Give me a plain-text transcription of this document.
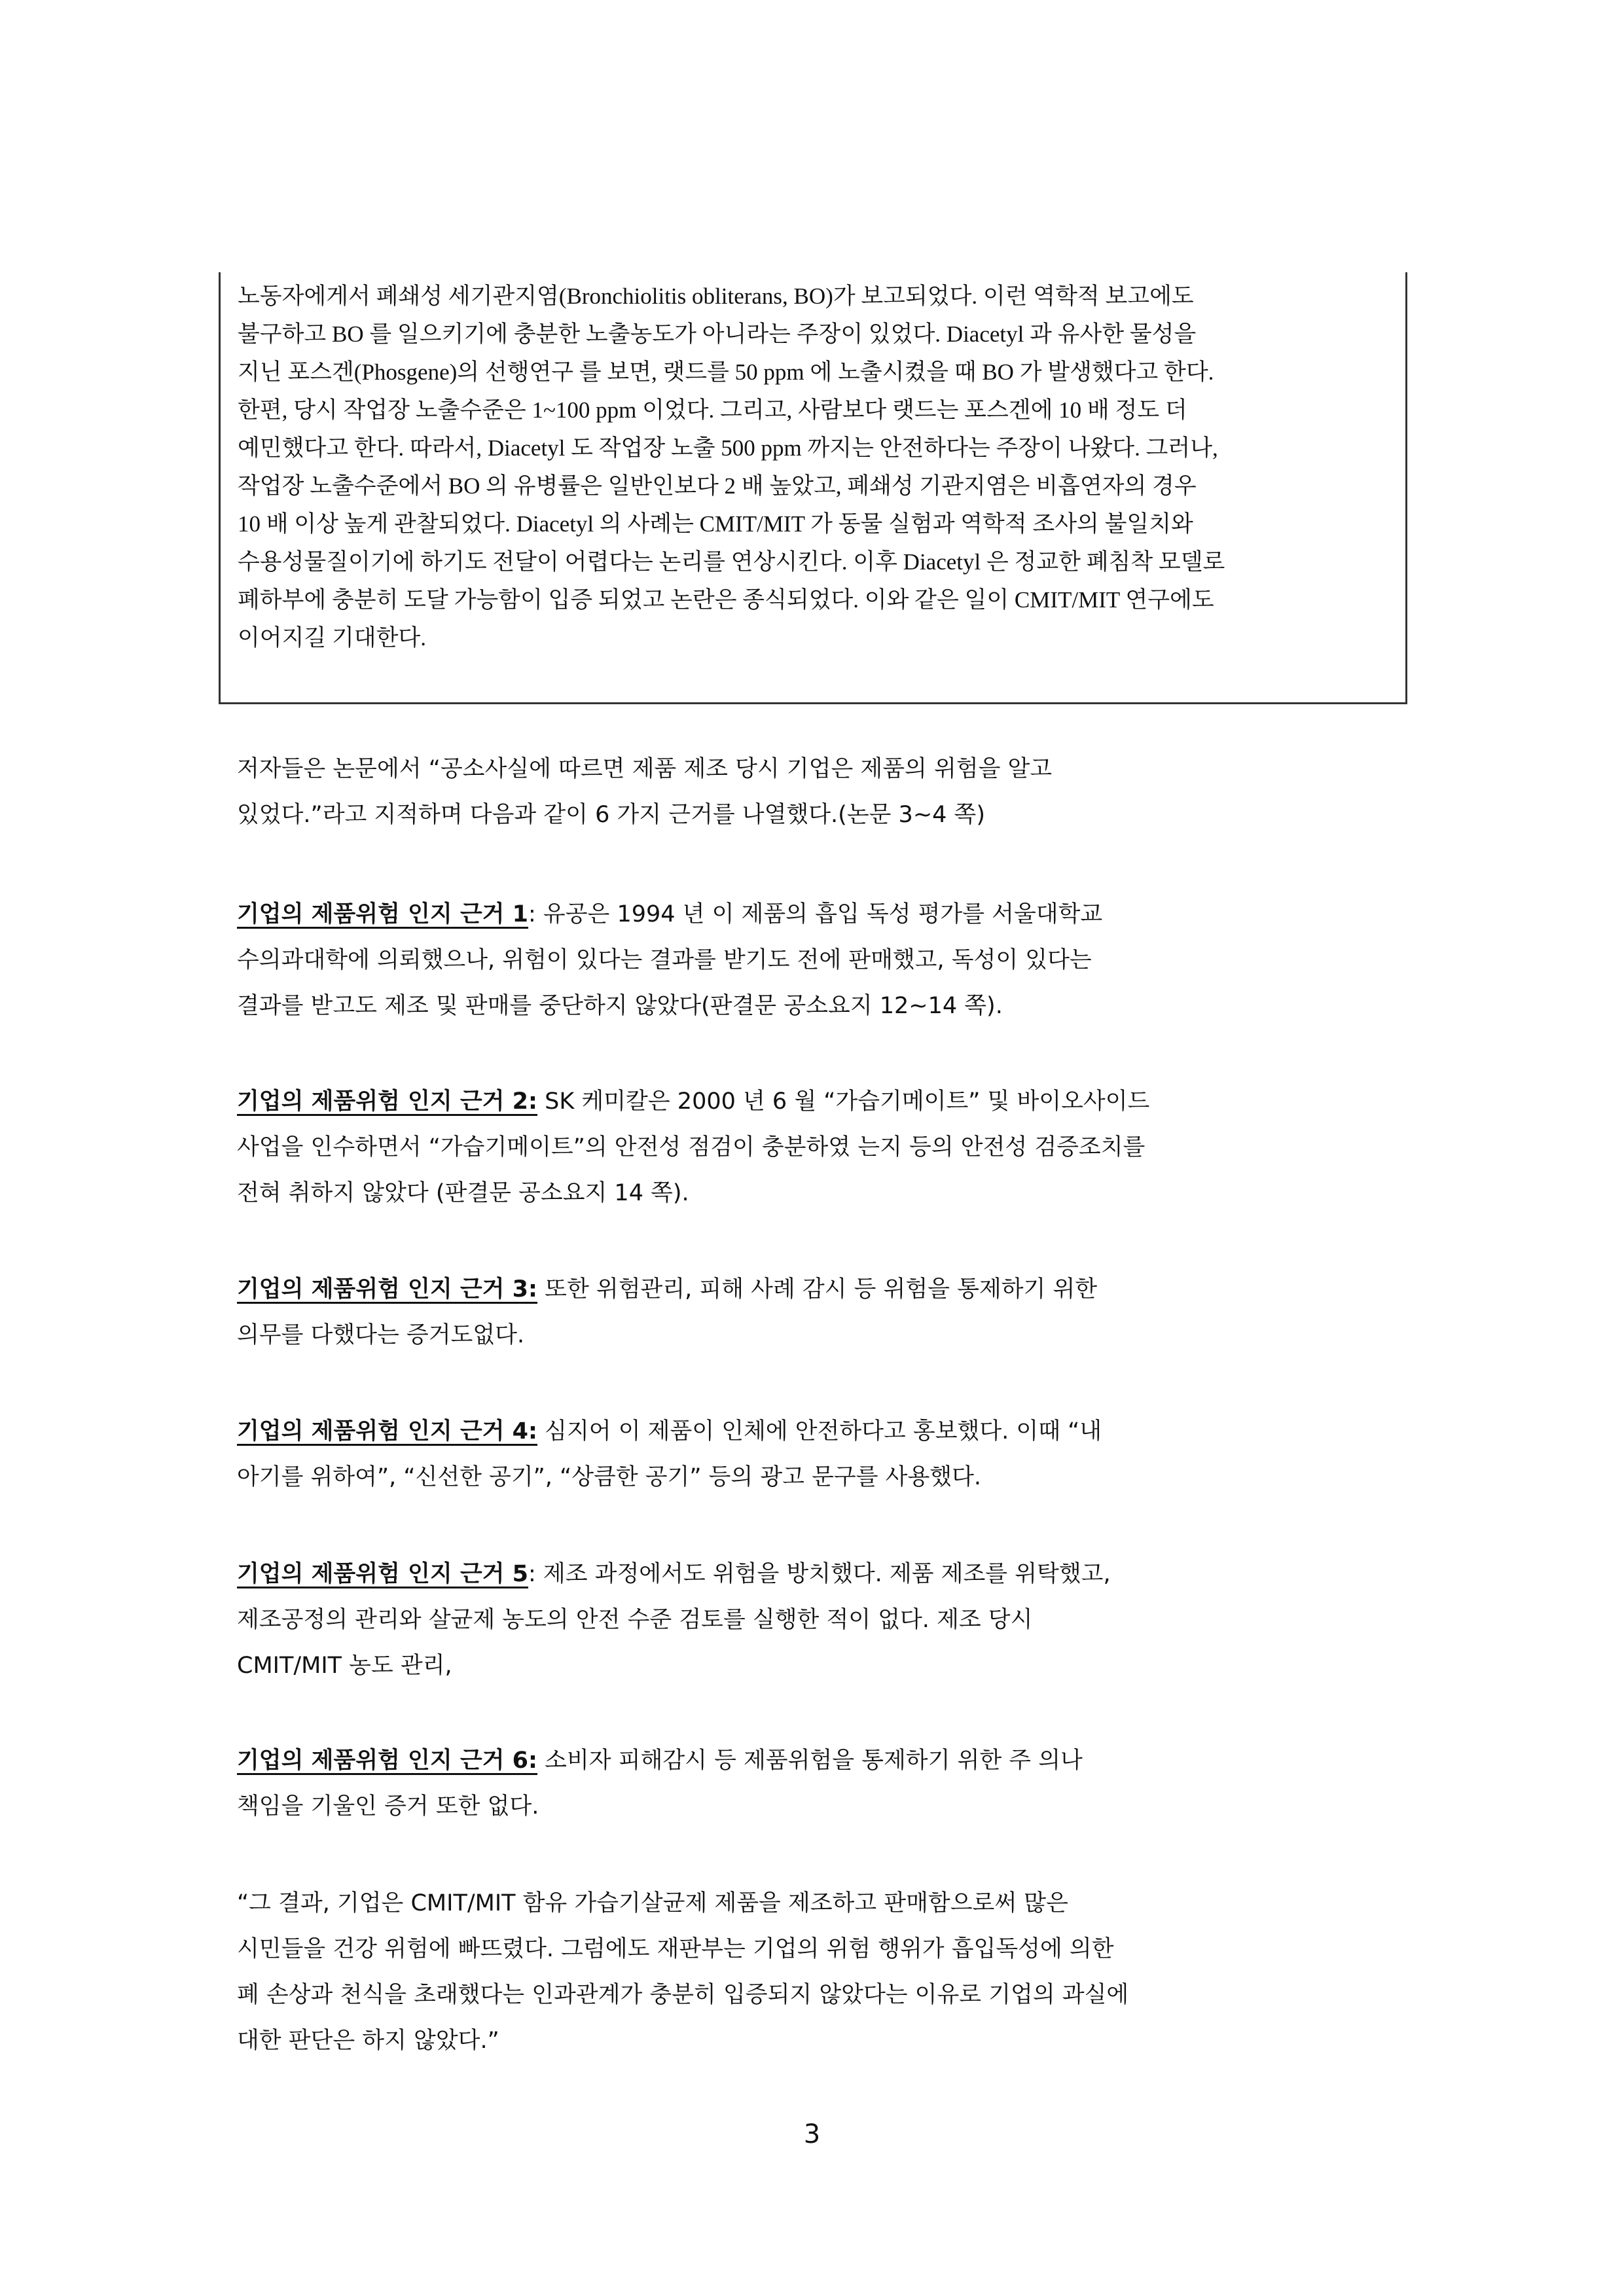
노동자에게서 폐쇄성 세기관지염(Bronchiolitis obliterans, BO)가 보고되었다. 이런 역학적 보고에도
불구하고 BO 를 일으키기에 충분한 노출농도가 아니라는 주장이 있었다. Diacetyl 과 유사한 물성을
지닌 포스겐(Phosgene)의 선행연구 를 보면, 랫드를 50 ppm 에 노출시켰을 때 BO 가 발생했다고 한다.
한편, 당시 작업장 노출수준은 1~100 ppm 이었다. 그리고, 사람보다 랫드는 포스겐에 10 배 정도 더
예민했다고 한다. 따라서, Diacetyl 도 작업장 노출 500 ppm 까지는 안전하다는 주장이 나왔다. 그러나,
작업장 노출수준에서 BO 의 유병률은 일반인보다 2 배 높았고, 폐쇄성 기관지염은 비흡연자의 경우
10 배 이상 높게 관찰되었다. Diacetyl 의 사례는 CMIT/MIT 가 동물 실험과 역학적 조사의 불일치와
수용성물질이기에 하기도 전달이 어렵다는 논리를 연상시킨다. 이후 Diacetyl 은 정교한 폐침착 모델로
폐하부에 충분히 도달 가능함이 입증 되었고 논란은 종식되었다. 이와 같은 일이 CMIT/MIT 연구에도
이어지길 기대한다.
저자들은 논문에서 “공소사실에 따르면 제품 제조 당시 기업은 제품의 위험을 알고
있었다.”라고 지적하며 다음과 같이 6 가지 근거를 나열했다.(논문 3~4 쪽)
기업의 제품위험 인지 근거 1: 유공은 1994 년 이 제품의 흡입 독성 평가를 서울대학교
수의과대학에 의뢰했으나, 위험이 있다는 결과를 받기도 전에 판매했고, 독성이 있다는
결과를 받고도 제조 및 판매를 중단하지 않았다(판결문 공소요지 12~14 쪽).
기업의 제품위험 인지 근거 2: SK 케미칼은 2000 년 6 월 “가습기메이트” 및 바이오사이드
사업을 인수하면서 “가습기메이트”의 안전성 점검이 충분하였 는지 등의 안전성 검증조치를
전혀 취하지 않았다 (판결문 공소요지 14 쪽).
기업의 제품위험 인지 근거 3: 또한 위험관리, 피해 사례 감시 등 위험을 통제하기 위한
의무를 다했다는 증거도없다.
기업의 제품위험 인지 근거 4: 심지어 이 제품이 인체에 안전하다고 홍보했다. 이때 “내
아기를 위하여”, “신선한 공기”, “상큼한 공기” 등의 광고 문구를 사용했다.
기업의 제품위험 인지 근거 5: 제조 과정에서도 위험을 방치했다. 제품 제조를 위탁했고,
제조공정의 관리와 살균제 농도의 안전 수준 검토를 실행한 적이 없다. 제조 당시
CMIT/MIT 농도 관리,
기업의 제품위험 인지 근거 6: 소비자 피해감시 등 제품위험을 통제하기 위한 주 의나
책임을 기울인 증거 또한 없다.
“그 결과, 기업은 CMIT/MIT 함유 가습기살균제 제품을 제조하고 판매함으로써 많은
시민들을 건강 위험에 빠뜨렸다. 그럼에도 재판부는 기업의 위험 행위가 흡입독성에 의한
폐 손상과 천식을 초래했다는 인과관계가 충분히 입증되지 않았다는 이유로 기업의 과실에
대한 판단은 하지 않았다.”
3
